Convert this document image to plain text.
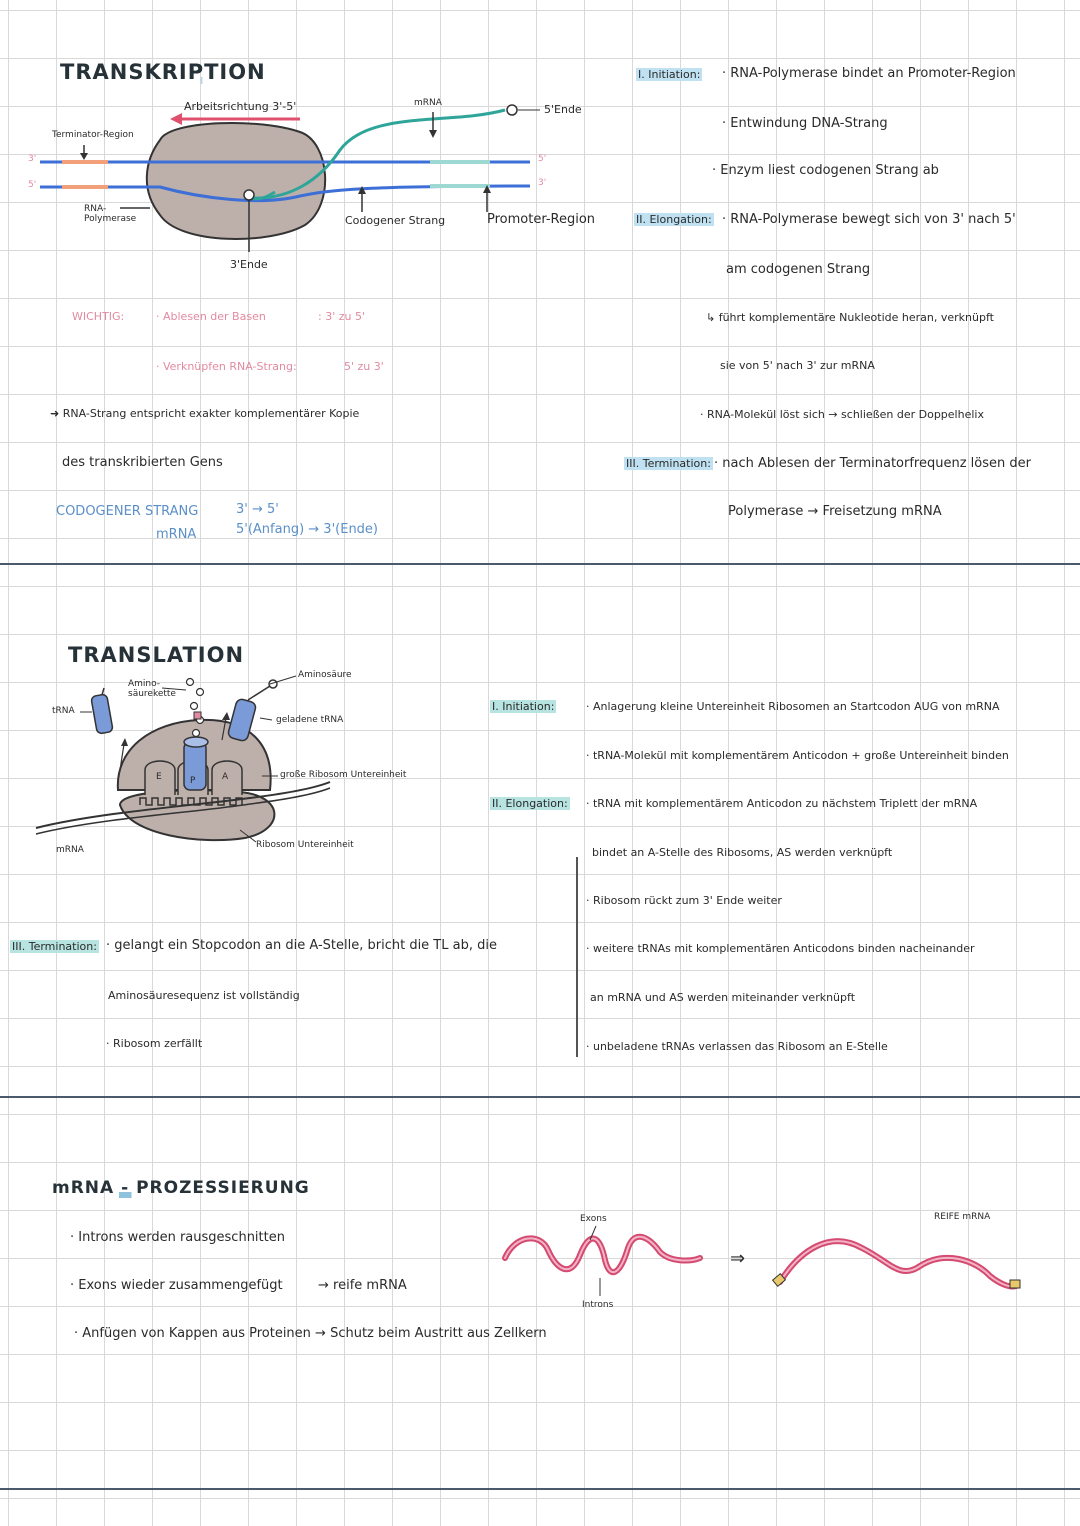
TRANSKRIPTION
Arbeitsrichtung 3'-5'	mRNA	5'Ende
Terminator-Region
RNA-
Polymerase
3'Ende
Codogener Strang	Promoter-Region
3'
5'
5'
3'
WICHTIG:	· Ablesen der Basen	: 3' zu 5'
· Verknüpfen RNA-Strang:	5' zu 3'
➜ RNA-Strang entspricht exakter komplementärer Kopie
des transkribierten Gens
CODOGENER STRANG	3' → 5'
mRNA	5'(Anfang) → 3'(Ende)
I. Initiation: · RNA-Polymerase bindet an Promoter-Region
· Entwindung DNA-Strang
· Enzym liest codogenen Strang ab
II. Elongation: · RNA-Polymerase bewegt sich von 3' nach 5'
am codogenen Strang
↳ führt komplementäre Nukleotide heran, verknüpft
sie von 5' nach 3' zur mRNA
· RNA-Molekül löst sich → schließen der Doppelhelix
III. Termination: · nach Ablesen der Terminatorfrequenz lösen der
Polymerase → Freisetzung mRNA
TRANSLATION
tRNA
Amino-
säurekette
Aminosäure
geladene tRNA
große Ribosom Untereinheit
Ribosom Untereinheit
mRNA
E	P	A
I. Initiation:	· Anlagerung kleine Untereinheit Ribosomen an Startcodon AUG von mRNA
· tRNA-Molekül mit komplementärem Anticodon + große Untereinheit binden
II. Elongation: · tRNA mit komplementärem Anticodon zu nächstem Triplett der mRNA
bindet an A-Stelle des Ribosoms, AS werden verknüpft
· Ribosom rückt zum 3' Ende weiter
· weitere tRNAs mit komplementären Anticodons binden nacheinander
an mRNA und AS werden miteinander verknüpft
· unbeladene tRNAs verlassen das Ribosom an E-Stelle
III. Termination: · gelangt ein Stopcodon an die A-Stelle, bricht die TL ab, die
Aminosäuresequenz ist vollständig
· Ribosom zerfällt
mRNA - PROZESSIERUNG
· Introns werden rausgeschnitten
· Exons wieder zusammengefügt	→ reife mRNA
· Anfügen von Kappen aus Proteinen → Schutz beim Austritt aus Zellkern
Exons
Introns
⇒
REIFE mRNA
